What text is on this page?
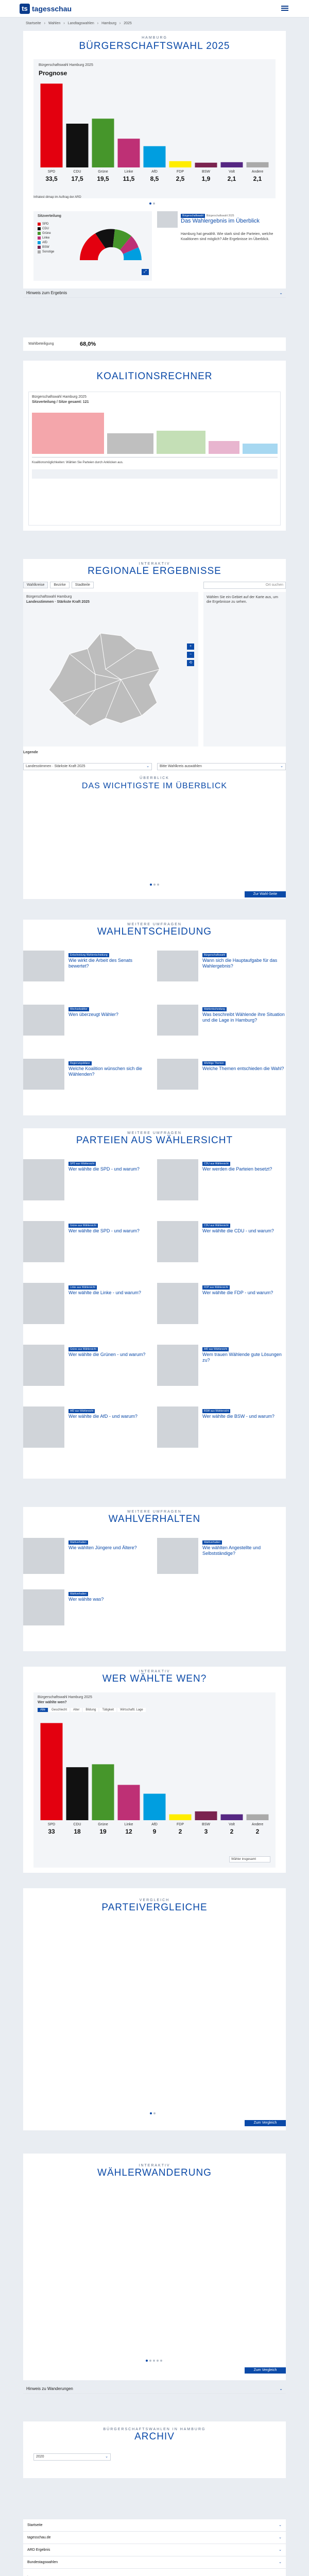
ts tagesschau
Startseite › Wahlen › Landtagswahlen › Hamburg › 2025
HAMBURG
BÜRGERSCHAFTSWAHL 2025
Bürgerschaftswahl Hamburg 2025
Prognose
SPD
33,5
CDU
17,5
Grüne
19,5
Linke
11,5
AfD
8,5
FDP
2,5
BSW
1,9
Volt
2,1
Andere
2,1
Infratest dimap im Auftrag der ARD
Sitzverteilung
SPD
CDU
Grüne
Linke
AfD
BSW
Sonstige
⤢
Bürgerschaftswahl Bürgerschaftswahl 2025
Das Wahlergebnis im Überblick
Hamburg hat gewählt. Wie stark sind die Parteien, welche Koalitionen sind möglich? Alle Ergebnisse im Überblick.
Hinweis zum Ergebnis	⌄
Wahlbeteiligung	68,0%
KOALITIONSRECHNER
Bürgerschaftswahl Hamburg 2025
Sitzverteilung / Sitze gesamt: 121
Koalitionsmöglichkeiten: Wählen Sie Parteien durch Anklicken aus.
INTERAKTIV
REGIONALE ERGEBNISSE
Wahlkreise	Bezirke	Stadtteile	Ort suchen
Bürgerschaftswahl Hamburg
Landesstimmen · Stärkste Kraft 2025
+
−
⟲
Wählen Sie ein Gebiet auf der Karte aus, um die Ergebnisse zu sehen.
Legende
Landesstimmen · Stärkste Kraft 2025	⌄	Bitte Wahlkreis auswählen	⌄
ÜBERBLICK
DAS WICHTIGSTE IM ÜBERBLICK
Zur Wahl-Seite
WEITERE UMFRAGEN
WAHLENTSCHEIDUNG
Entscheidung Wahlentscheidung
Wie wirkt die Arbeit des Senats bewertet?
Bürgerschaftswahl
Wann sich die Hauptaufgabe für das Wahlergebnis?
Wechselwähler
Wen überzeugt Wähler?
Wahlentscheidung
Was beschreibt Wählende ihre Situation und die Lage in Hamburg?
Regierungsbilanz
Welche Koalition wünschen sich die Wählenden?
Wichtige Themen
Welche Themen entschieden die Wahl?
WEITERE UMFRAGEN
PARTEIEN AUS WÄHLERSICHT
SPD aus Wählersicht
Wer wählte die SPD - und warum?
CDU aus Wählersicht
Wer werden die Parteien besetzt?
Grüne aus Wählersicht
Wer wählte die SPD - und warum?
CDU aus Wählersicht
Wer wählte die CDU - und warum?
Linke aus Wählersicht
Wer wählte die Linke - und warum?
FDP aus Wählersicht
Wer wählte die FDP - und warum?
Grüne aus Wählersicht
Wer wählte die Grünen - und warum?
AfD aus Wählersicht
Wem trauen Wählende gute Lösungen zu?
AfD aus Wählersicht
Wer wählte die AfD - und warum?
BSW aus Wählersicht
Wer wählte die BSW - und warum?
WEITERE UMFRAGEN
WAHLVERHALTEN
Wahlverhalten
Wie wählten Jüngere und Ältere?
Wahlverhalten
Wie wählten Angestellte und Selbstständige?
Wahlverhalten
Wer wählte was?
INTERAKTIV
WER WÄHLTE WEN?
Bürgerschaftswahl Hamburg 2025
Wer wählte wen?
Alle	Geschlecht	Alter	Bildung	Tätigkeit	Wirtschaftl. Lage
SPD
33
CDU
18
Grüne
19
Linke
12
AfD
9
FDP
2
BSW
3
Volt
2
Andere
2
Wähler insgesamt
VERGLEICH
PARTEIVERGLEICHE
Zum Vergleich
INTERAKTIV
WÄHLERWANDERUNG
Zum Vergleich
Hinweis zu Wanderungen	⌄
BÜRGERSCHAFTSWAHLEN IN HAMBURG
ARCHIV
2020	⌄
Startseite	⌄
tagesschau.de	⌄
ARD Ergebnis	⌄
Bundestagswahlen	⌄
